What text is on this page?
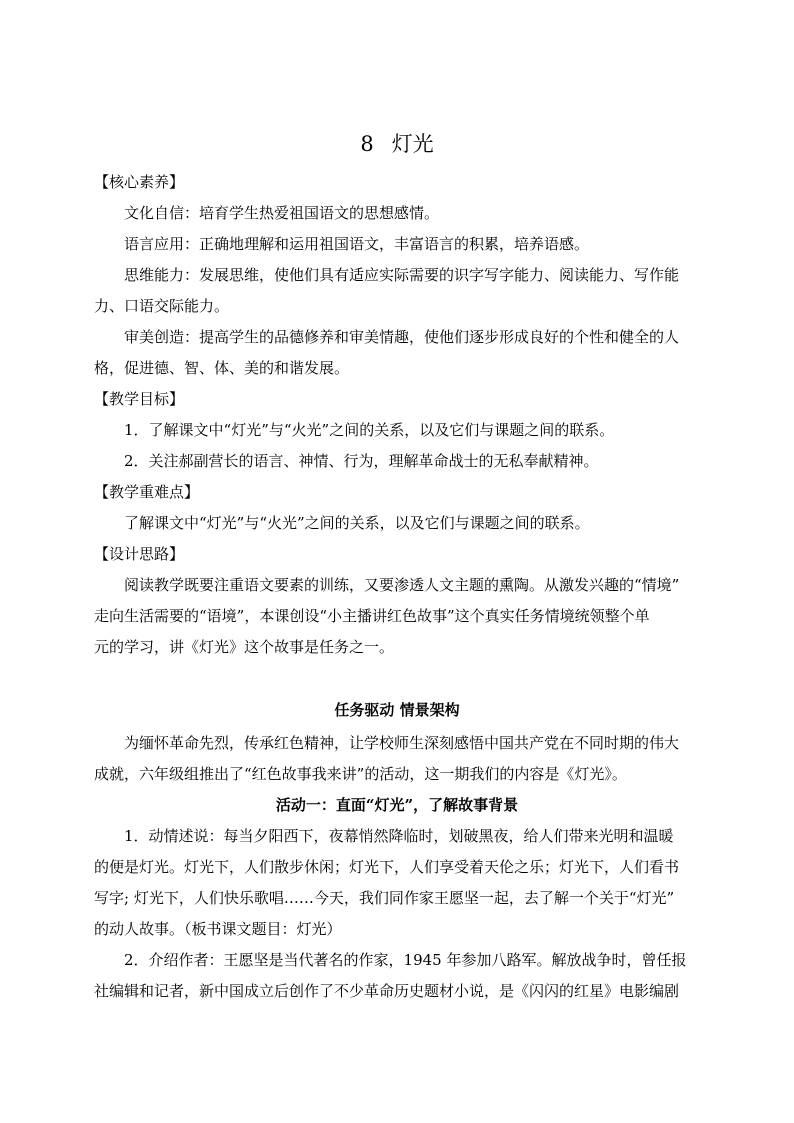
8 灯光
【核心素养】
文化自信：培育学生热爱祖国语文的思想感情。
语言应用：正确地理解和运用祖国语文，丰富语言的积累，培养语感。
思维能力：发展思维，使他们具有适应实际需要的识字写字能力、阅读能力、写作能
力、口语交际能力。
审美创造：提高学生的品德修养和审美情趣，使他们逐步形成良好的个性和健全的人
格，促进德、智、体、美的和谐发展。
【教学目标】
1．了解课文中“灯光”与“火光”之间的关系，以及它们与课题之间的联系。
2．关注郝副营长的语言、神情、行为，理解革命战士的无私奉献精神。
【教学重难点】
了解课文中“灯光”与“火光”之间的关系，以及它们与课题之间的联系。
【设计思路】
阅读教学既要注重语文要素的训练，又要渗透人文主题的熏陶。从激发兴趣的“情境”
走向生活需要的“语境”，本课创设“小主播讲红色故事”这个真实任务情境统领整个单
元的学习，讲《灯光》这个故事是任务之一。
任务驱动 情景架构
为缅怀革命先烈，传承红色精神，让学校师生深刻感悟中国共产党在不同时期的伟大
成就，六年级组推出了“红色故事我来讲”的活动，这一期我们的内容是《灯光》。
活动一：直面“灯光”，了解故事背景
1．动情述说：每当夕阳西下，夜幕悄然降临时，划破黑夜，给人们带来光明和温暖
的便是灯光。灯光下，人们散步休闲；灯光下，人们享受着天伦之乐；灯光下，人们看书
写字; 灯光下，人们快乐歌唱……今天，我们同作家王愿坚一起，去了解一个关于“灯光”
的动人故事。（板书课文题目：灯光）
2．介绍作者：王愿坚是当代著名的作家，1945 年参加八路军。解放战争时，曾任报
社编辑和记者，新中国成立后创作了不少革命历史题材小说，是《闪闪的红星》电影编剧
